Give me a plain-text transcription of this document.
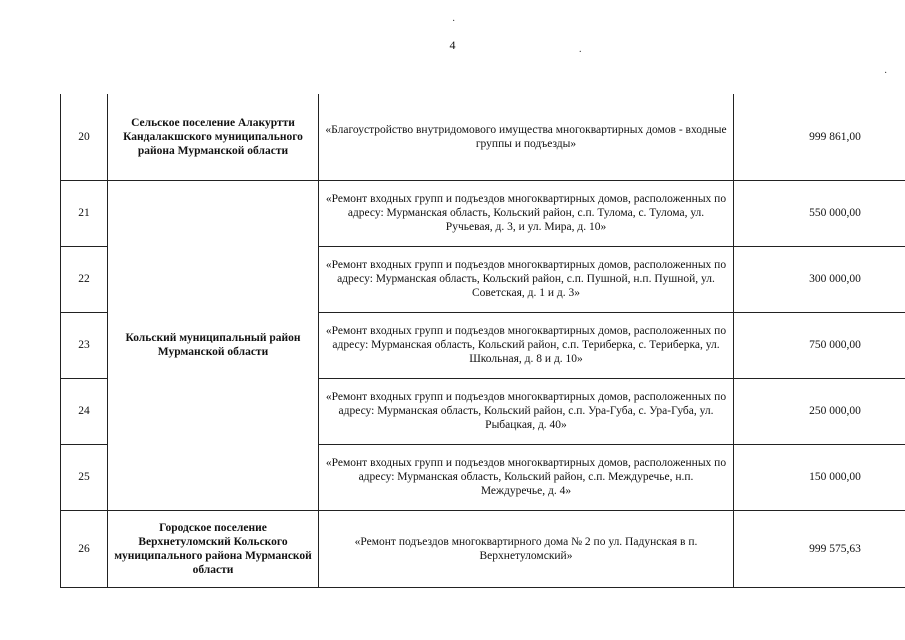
4
·
.
·
20	Сельское поселение Алакуртти Кандалакшского муниципального района Мурманской области	«Благоустройство внутридомового имущества многоквартирных домов - входные группы и подъезды»	999 861,00
21	Кольский муниципальный район Мурманской области	«Ремонт входных групп и подъездов многоквартирных домов, расположенных по адресу: Мурманская область, Кольский район, с.п. Тулома, с. Тулома, ул. Ручьевая, д. 3, и ул. Мира, д. 10»	550 000,00
22		«Ремонт входных групп и подъездов многоквартирных домов, расположенных по адресу: Мурманская область, Кольский район, с.п. Пушной, н.п. Пушной, ул. Советская, д. 1 и д. 3»	300 000,00
23		«Ремонт входных групп и подъездов многоквартирных домов, расположенных по адресу: Мурманская область, Кольский район, с.п. Териберка, с. Териберка, ул. Школьная, д. 8 и д. 10»	750 000,00
24		«Ремонт входных групп и подъездов многоквартирных домов, расположенных по адресу: Мурманская область, Кольский район, с.п. Ура-Губа, с. Ура-Губа, ул. Рыбацкая, д. 40»	250 000,00
25		«Ремонт входных групп и подъездов многоквартирных домов, расположенных по адресу: Мурманская область, Кольский район, с.п. Междуречье, н.п. Междуречье, д. 4»	150 000,00
26	Городское поселение Верхнетуломский Кольского муниципального района Мурманской области	«Ремонт подъездов многоквартирного дома № 2 по ул. Падунская в п. Верхнетуломский»	999 575,63
